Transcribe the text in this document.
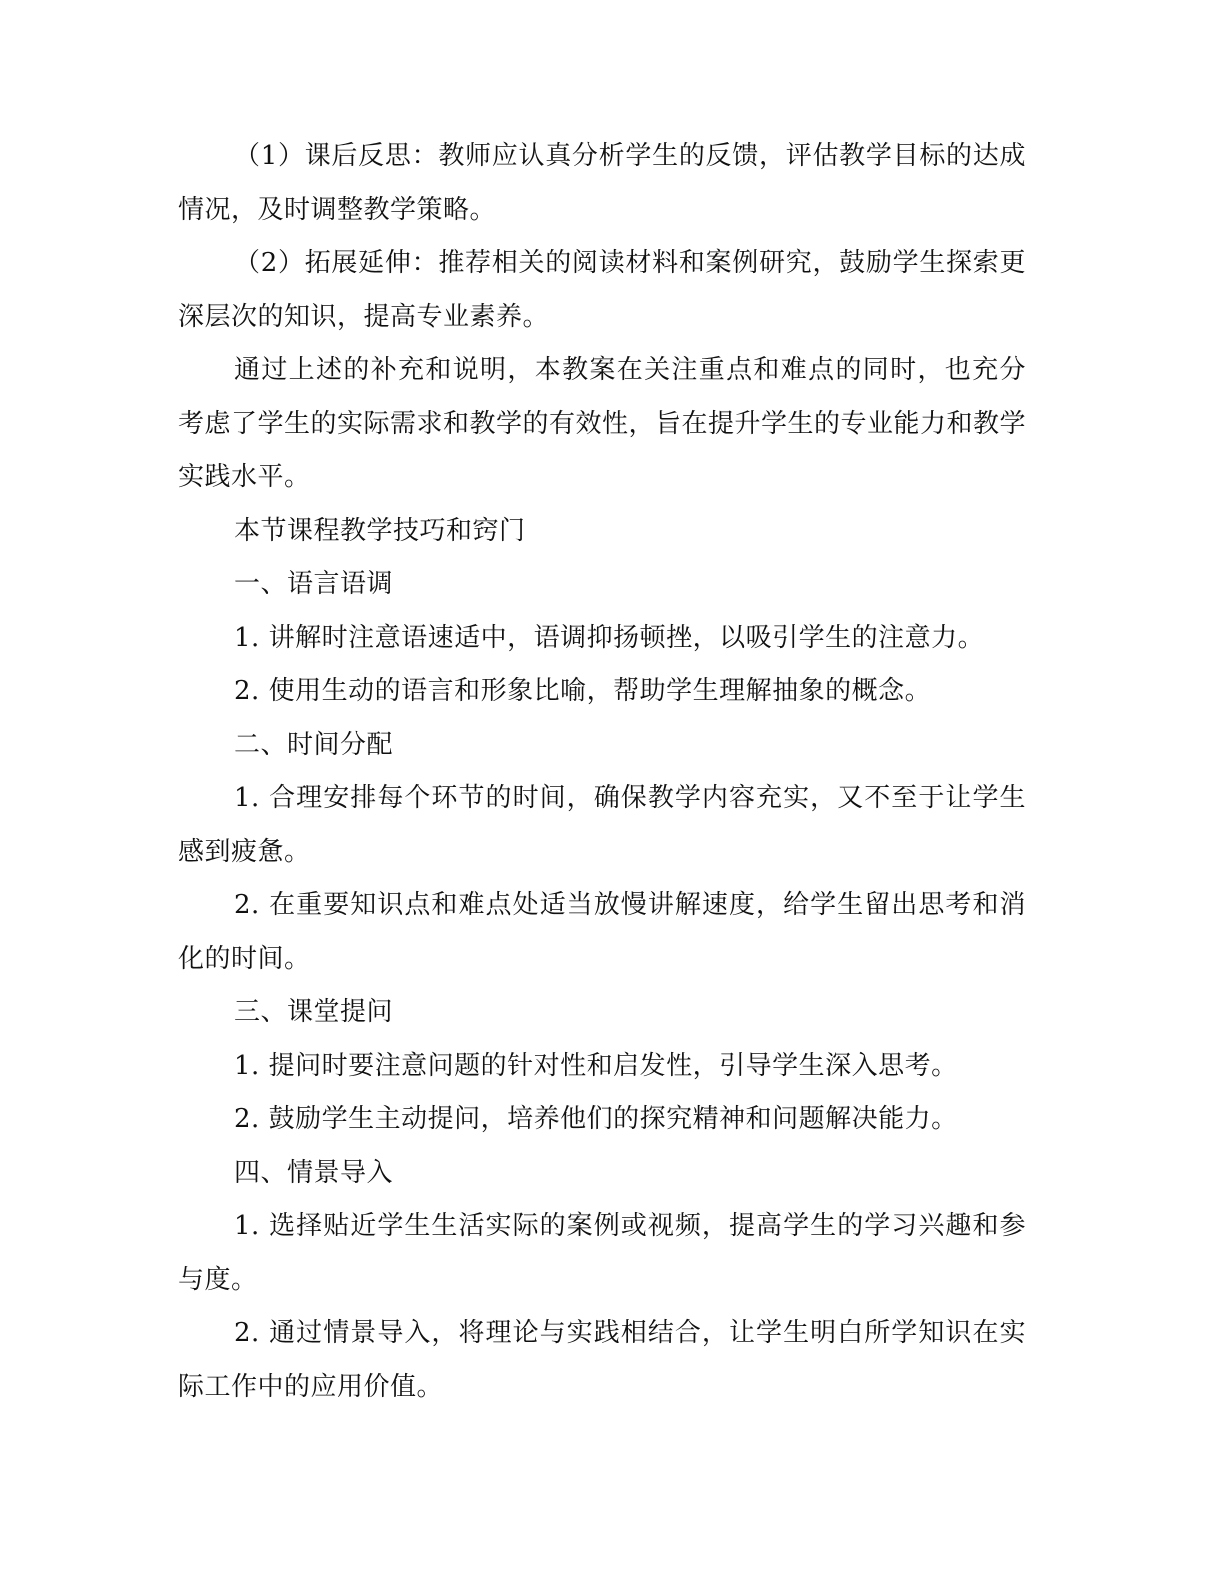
（1）课后反思：教师应认真分析学生的反馈，评估教学目标的达成情况，及时调整教学策略。

（2）拓展延伸：推荐相关的阅读材料和案例研究，鼓励学生探索更深层次的知识，提高专业素养。

通过上述的补充和说明，本教案在关注重点和难点的同时，也充分考虑了学生的实际需求和教学的有效性，旨在提升学生的专业能力和教学实践水平。

本节课程教学技巧和窍门

一、语言语调

1. 讲解时注意语速适中，语调抑扬顿挫，以吸引学生的注意力。

2. 使用生动的语言和形象比喻，帮助学生理解抽象的概念。

二、时间分配

1. 合理安排每个环节的时间，确保教学内容充实，又不至于让学生感到疲惫。

2. 在重要知识点和难点处适当放慢讲解速度，给学生留出思考和消化的时间。

三、课堂提问

1. 提问时要注意问题的针对性和启发性，引导学生深入思考。

2. 鼓励学生主动提问，培养他们的探究精神和问题解决能力。

四、情景导入

1. 选择贴近学生生活实际的案例或视频，提高学生的学习兴趣和参与度。

2. 通过情景导入，将理论与实践相结合，让学生明白所学知识在实际工作中的应用价值。
